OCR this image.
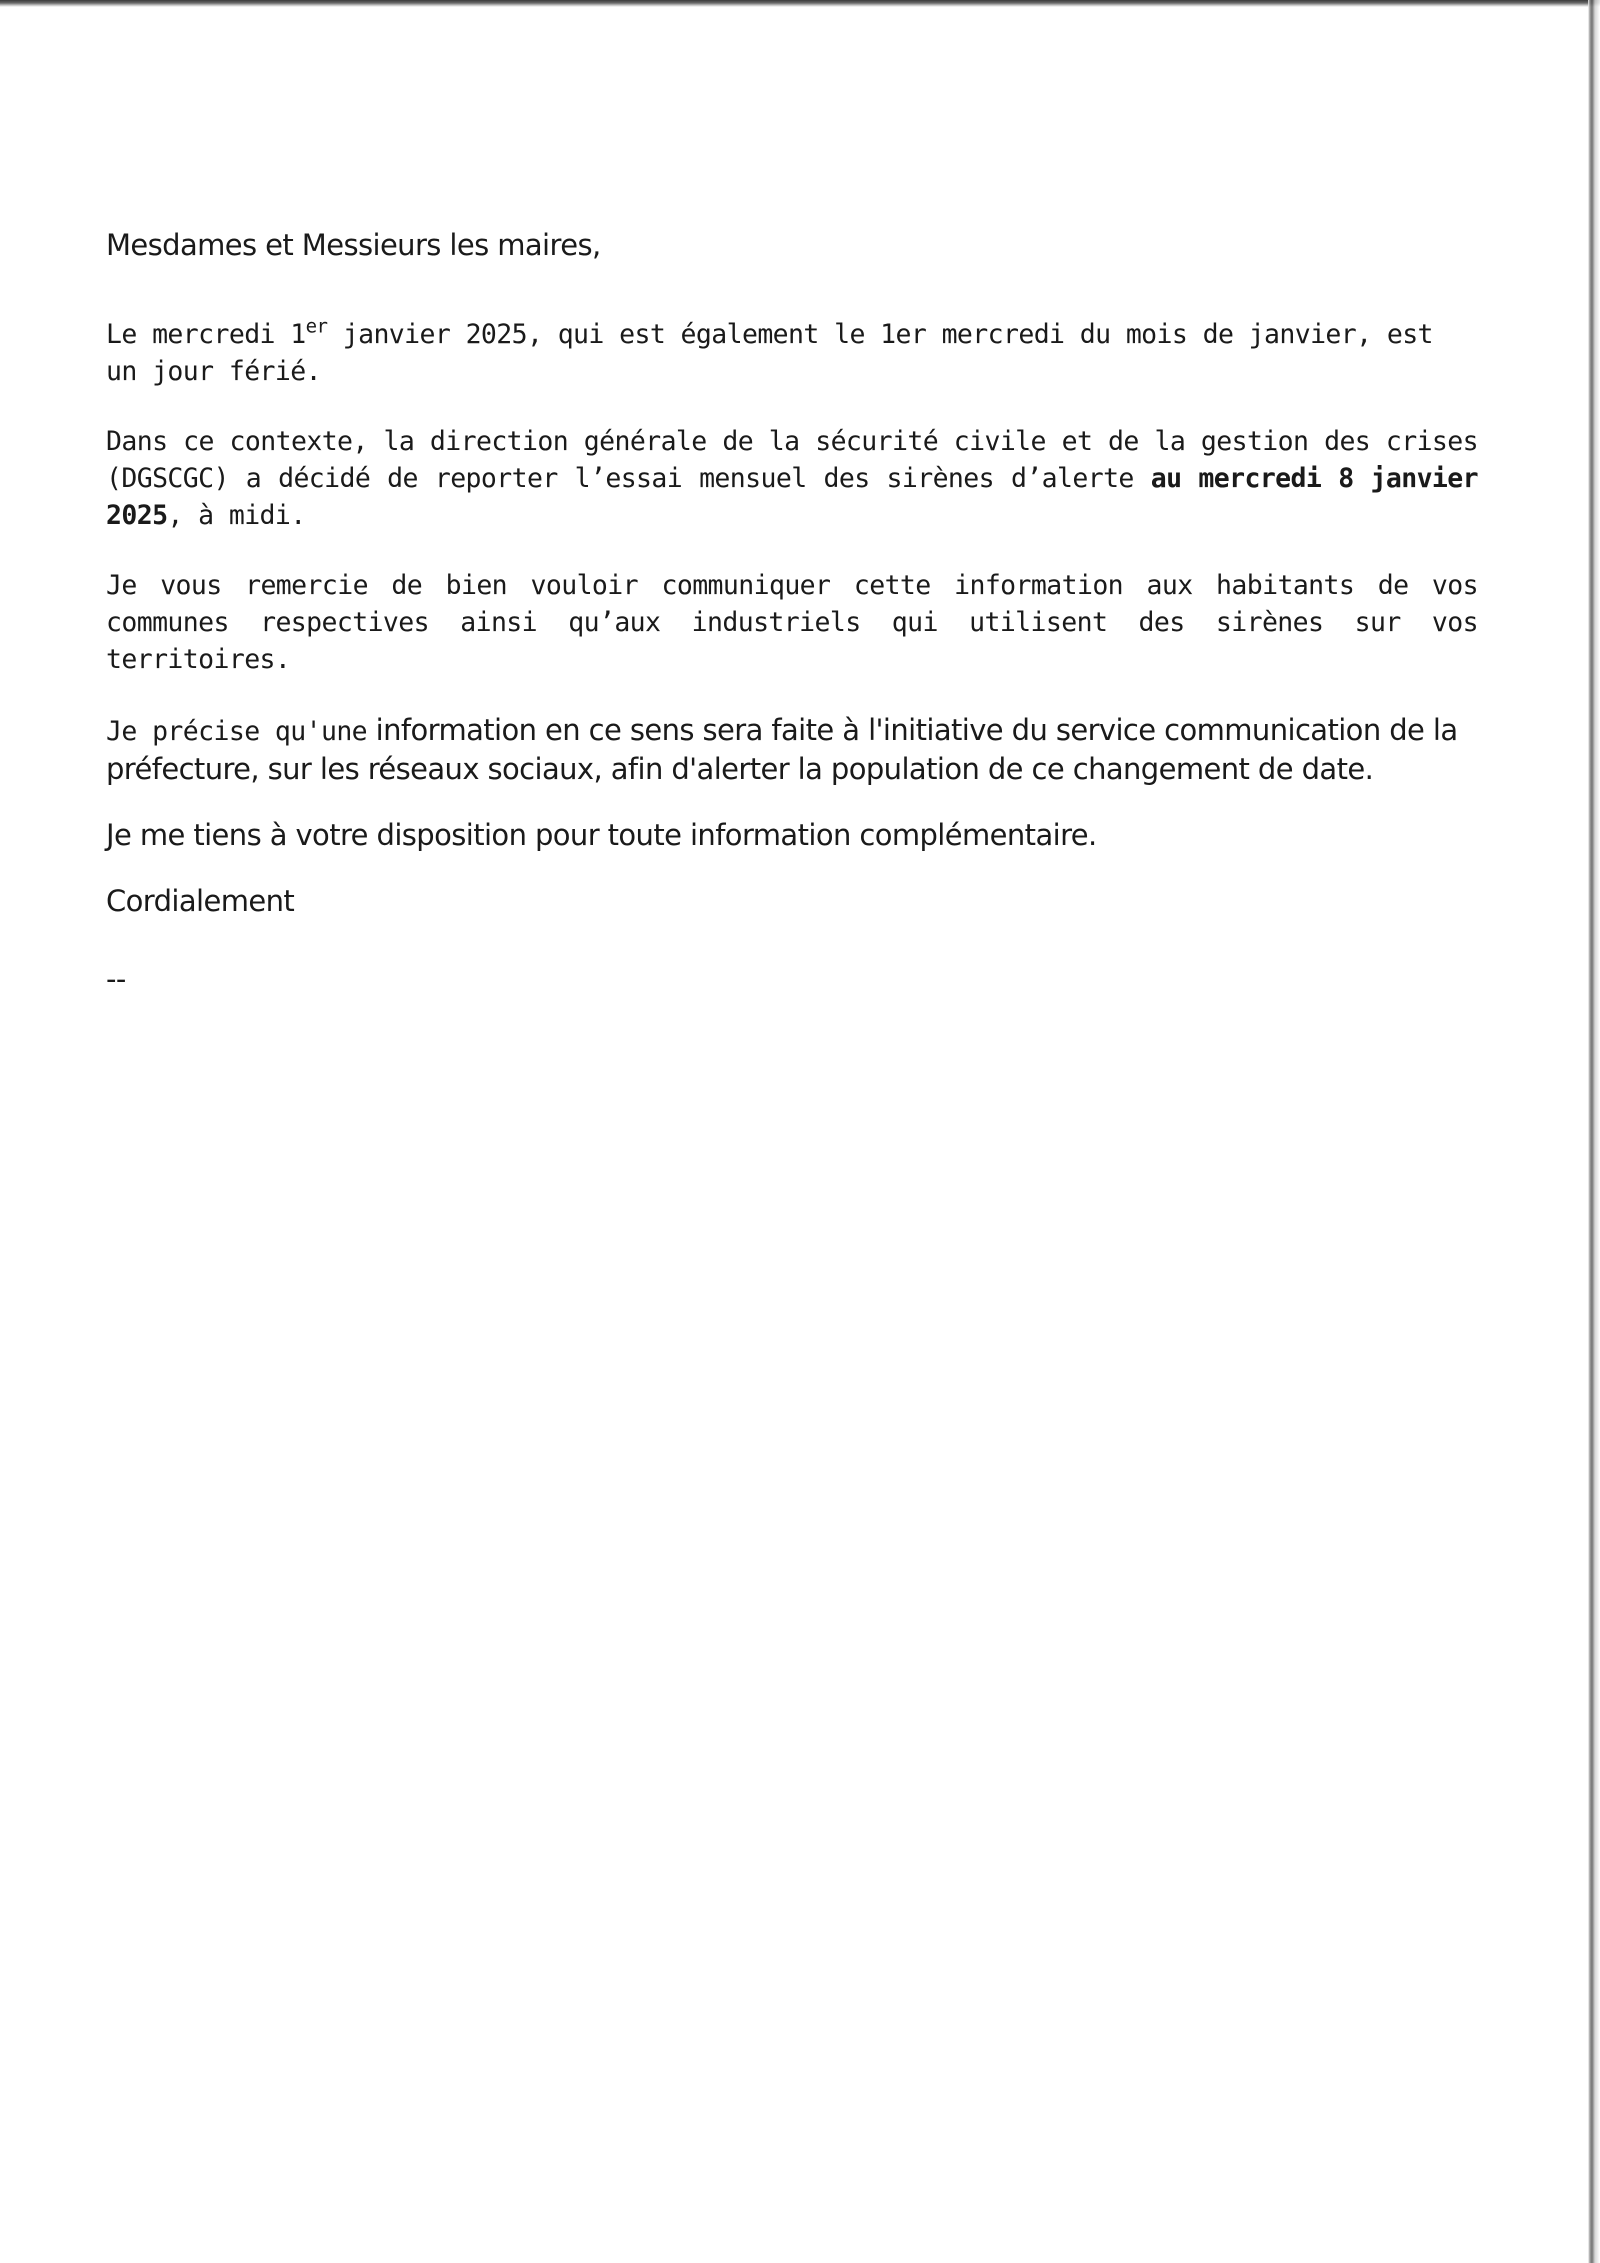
Mesdames et Messieurs les maires,

Le mercredi 1er janvier 2025, qui est également le 1er mercredi du mois de janvier, est un jour férié.

Dans ce contexte, la direction générale de la sécurité civile et de la gestion des crises (DGSCGC) a décidé de reporter l’essai mensuel des sirènes d’alerte au mercredi 8 janvier 2025, à midi.

Je vous remercie de bien vouloir communiquer cette information aux habitants de vos communes respectives ainsi qu’aux industriels qui utilisent des sirènes sur vos territoires.

Je précise qu'une information en ce sens sera faite à l'initiative du service communication de la préfecture, sur les réseaux sociaux, afin d'alerter la population de ce changement de date.

Je me tiens à votre disposition pour toute information complémentaire.

Cordialement

--
